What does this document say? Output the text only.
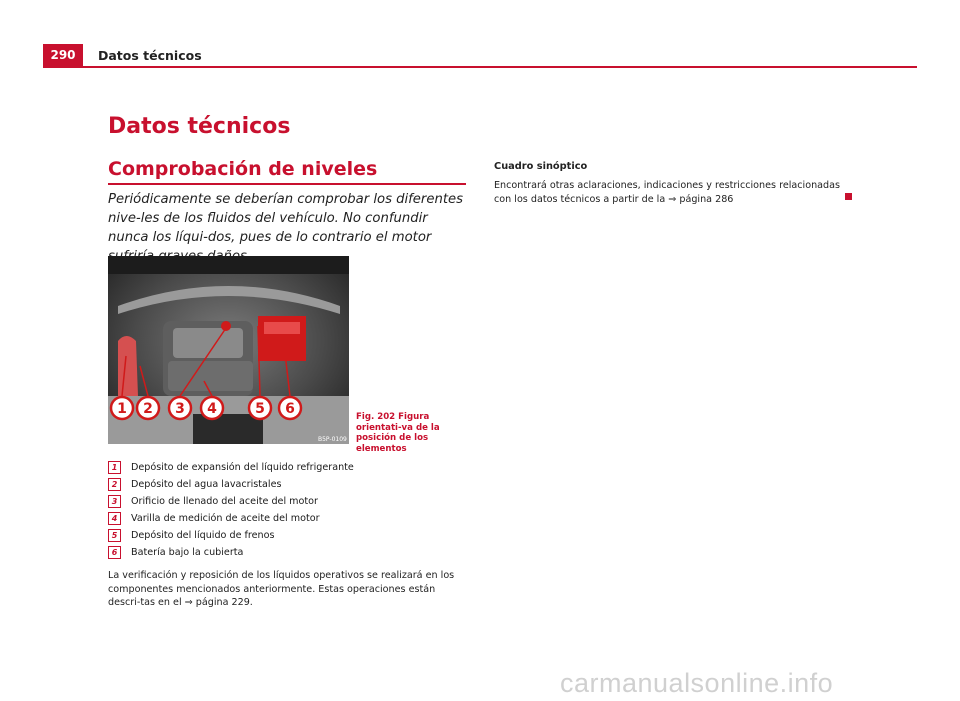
290	Datos técnicos
Datos técnicos
Comprobación de niveles
Periódicamente se deberían comprobar los diferentes nive-les de los fluidos del vehículo. No confundir nunca los líqui-dos, pues de lo contrario el motor
1 2 3 4	5 6
B5P-0109
Fig. 202 Figura orientati-va de la posición de los elementos
1	Depósito de expansión del líquido refrigerante
2	Depósito del agua lavacristales
3	Orificio de llenado del aceite del motor
4	Varilla de medición de aceite del motor
5	Depósito del líquido de frenos
6	Batería bajo la cubierta
La verificación y reposición de los líquidos operativos se realizará en los componentes mencionados anteriormente. Estas operaciones están descri-tas en el ⇒ página 229.
Cuadro sinóptico
Encontrará otras aclaraciones, indicaciones y restricciones relacionadas con los datos técnicos a partir de la ⇒ página 286
carmanualsonline.info
